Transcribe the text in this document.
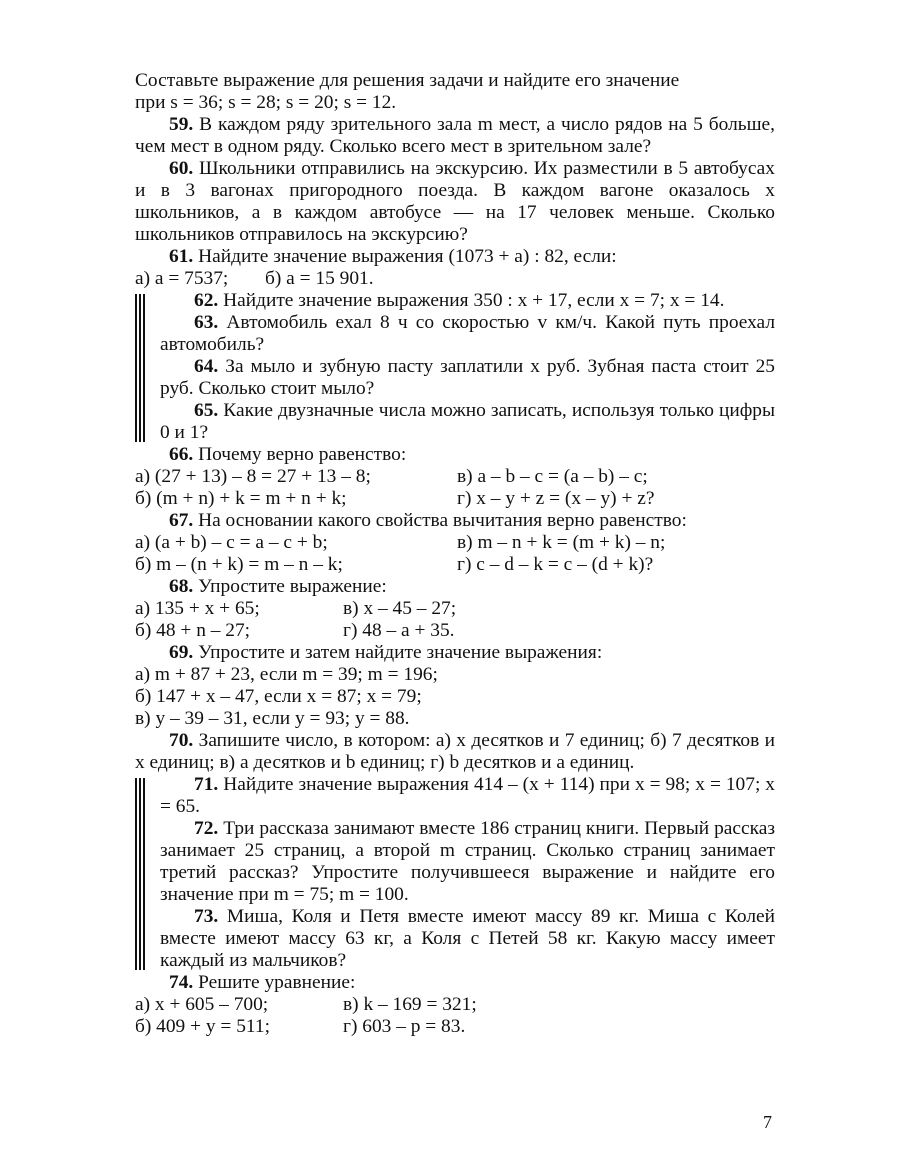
Составьте выражение для решения задачи и найдите его значение

при s = 36; s = 28; s = 20; s = 12.

59. В каждом ряду зрительного зала m мест, а число рядов на 5 больше, чем мест в одном ряду. Сколько всего мест в зрительном зале?

60. Школьники отправились на экскурсию. Их разместили в 5 автобусах и в 3 вагонах пригородного поезда. В каждом вагоне оказалось x школьников, а в каждом автобусе — на 17 человек меньше. Сколько школьников отправилось на экскурсию?

61. Найдите значение выражения (1073 + a) : 82, если:

а) a = 7537;	б) a = 15 901.

62. Найдите значение выражения 350 : x + 17, если x = 7; x = 14.

63. Автомобиль ехал 8 ч со скоростью v км/ч. Какой путь проехал автомобиль?

64. За мыло и зубную пасту заплатили x руб. Зубная паста стоит 25 руб. Сколько стоит мыло?

65. Какие двузначные числа можно записать, используя только цифры 0 и 1?

66. Почему верно равенство:

а) (27 + 13) – 8 = 27 + 13 – 8;	в) a – b – c = (a – b) – c;
б) (m + n) + k = m + n + k;	г) x – y + z = (x – y) + z?

67. На основании какого свойства вычитания верно равенство:

а) (a + b) – c = a – c + b;	в) m – n + k = (m + k) – n;
б) m – (n + k) = m – n – k;	г) c – d – k = c – (d + k)?

68. Упростите выражение:

а) 135 + x + 65;	в) x – 45 – 27;
б) 48 + n – 27;	г) 48 – a + 35.

69. Упростите и затем найдите значение выражения:

а) m + 87 + 23, если m = 39; m = 196;

б) 147 + x – 47, если x = 87; x = 79;

в) y – 39 – 31, если y = 93; y = 88.

70. Запишите число, в котором: а) x десятков и 7 единиц; б) 7 десятков и x единиц; в) a десятков и b единиц; г) b десятков и a единиц.

71. Найдите значение выражения 414 – (x + 114) при x = 98; x = 107; x = 65.

72. Три рассказа занимают вместе 186 страниц книги. Первый рассказ занимает 25 страниц, а второй m страниц. Сколько страниц занимает третий рассказ? Упростите получившееся выражение и найдите его значение при m = 75; m = 100.

73. Миша, Коля и Петя вместе имеют массу 89 кг. Миша с Колей вместе имеют массу 63 кг, а Коля с Петей 58 кг. Какую массу имеет каждый из мальчиков?

74. Решите уравнение:

а) x + 605 – 700;	в) k – 169 = 321;
б) 409 + y = 511;	г) 603 – p = 83.
7
